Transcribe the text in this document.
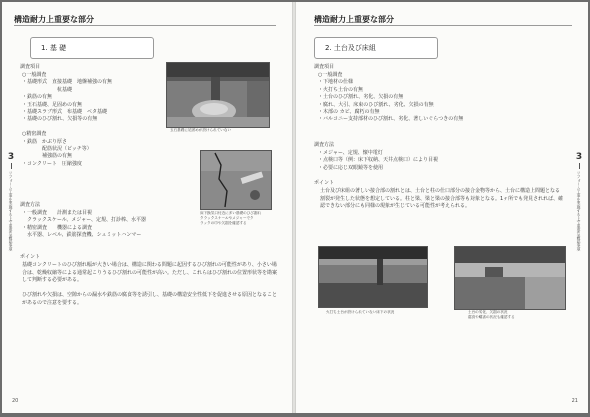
構造耐力上重要な部分
1. 基 礎
調査項目
○一般調査
・基礎形式　直接基礎　地盤補強の有無
　　　　　　　杭基礎
・鉄筋の有無
・玉石基礎、足固めの有無
・基礎スラブ形式　布基礎　ベタ基礎
・基礎のひび割れ、欠損等の有無

○精密調査
・鉄筋　かぶり厚さ
　　　　配筋状況（ピッチ等）
　　　　補強筋の有無
・コンクリート　圧縮強度
玉石基礎に足固めが設けられていない
床下換気口付近に多い基礎のひび割れ
クラックスケールやメジャーでク
ラックの巾や欠損を確認する
調査方法
・一般調査　　計測または目視
　クラックスケール、メジャー、定規、打診棒、水平器
・精密調査　　機器による調査
　水平器、レベル、鉄筋探査機、シュミットハンマー
ポイント
基礎コンクリートのひび割れ幅が大きい場合は、構造に関わる問題に起因するひび割れの可能性があり、小さい場合は、乾燥収縮等による通常起こりうるひび割れの可能性が高い。ただし、これらはひび割れの位置形状等を勘案して判断する必要がある。
ひび割れや欠損は、空隙からの漏水や鉄筋の腐食等を誘引し、基礎の構造安全性低下を促進させる原因となることがあるので注意を要する。
3
リフォーム工事を実施する上で重要な確認事項
20
構造耐力上重要な部分
2. 土台及び床組
調査項目
○一般調査
・下地材の仕様
・火打ち土台の有無
・土台のひび割れ、劣化、欠損の有無
・腐れ、大引、床束のひび割れ、劣化、欠損の有無
・木部の カビ、腐朽の有無
・バルコニー支持部材のひび割れ、劣化、著しいぐらつきの有無
調査方法
・メジャー、定規、懐中電灯
・点検口等（例：床下収納、天井点検口）により目視
・必要に応じ双眼鏡等を使用
ポイント
土台及び床組の著しい接合部の割れとは、土台と柱の仕口部分の接合金物等から、土台に構造上問題となる割裂が発生した状態を想定している。柱と梁、梁と梁の接合部等も対象となる。1ヶ所でも発見されれば、確認できない部分にも同様の現象が生じている可能性が考えられる。
火打ち土台が設けられていない床下の状況	土台の劣化、欠損の状況
腐食や蟻害の状況も確認する
3
リフォーム工事を実施する上で重要な確認事項
21
